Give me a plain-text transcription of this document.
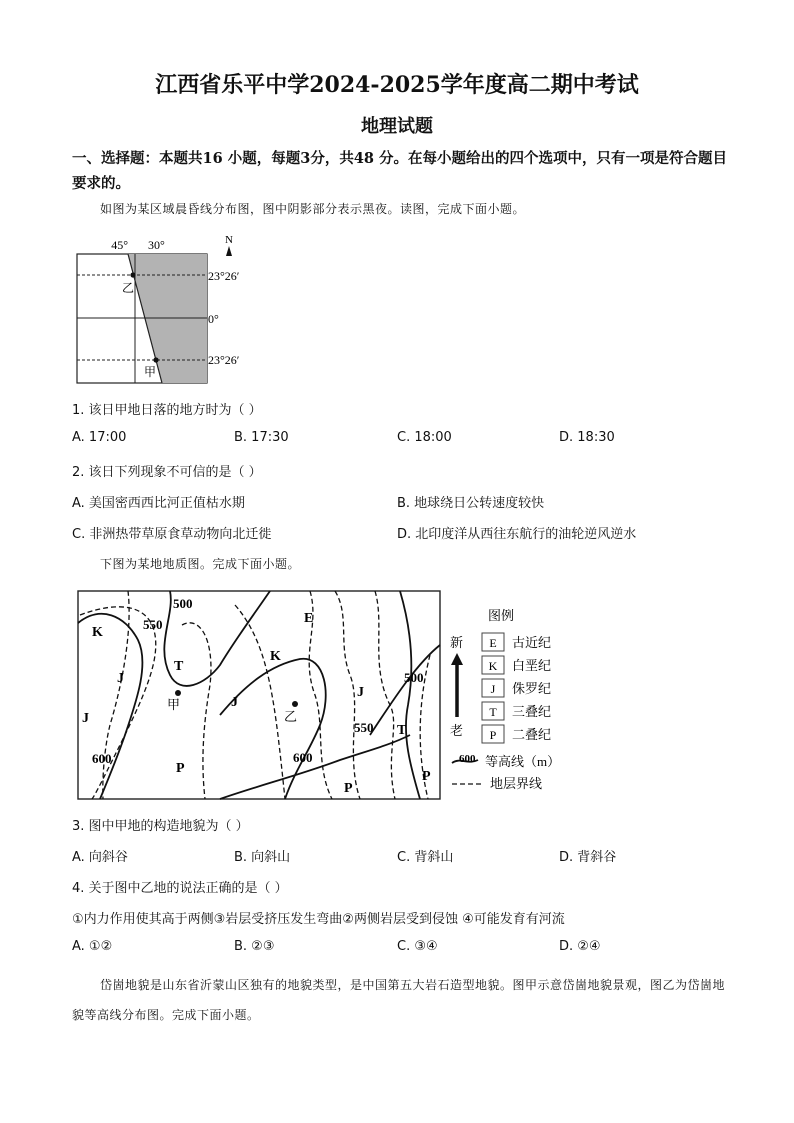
江西省乐平中学2024-2025学年度高二期中考试
地理试题
一、选择题：本题共16 小题，每题3分，共48 分。在每小题给出的四个选项中，只有一项是符合题目要求的。
如图为某区域晨昏线分布图，图中阴影部分表示黑夜。读图，完成下面小题。
45° 30°	N
23°26′
0°
23°26′
乙
甲
1. 该日甲地日落的地方时为（ ）
A. 17:00	B. 17:30	C. 18:00	D. 18:30
2. 该日下列现象不可信的是（ ）
A. 美国密西西比河正值枯水期	B. 地球绕日公转速度较快
C. 非洲热带草原食草动物向北迁徙	D. 北印度洋从西往东航行的油轮逆风逆水
下图为某地地质图。完成下面小题。
500
550
600	600
550
500
K
T
J
J
K
E
J
T
J
P
P
P
甲
乙
图例
新
老
E
K
J
T
P
古近纪
白垩纪
侏罗纪
三叠纪
二叠纪
600 等高线（m）
地层界线
3. 图中甲地的构造地貌为（ ）
A. 向斜谷	B. 向斜山	C. 背斜山	D. 背斜谷
4. 关于图中乙地的说法正确的是（ ）
①内力作用使其高于两侧③岩层受挤压发生弯曲②两侧岩层受到侵蚀 ④可能发育有河流
A. ①②	B. ②③	C. ③④	D. ②④
岱崮地貌是山东省沂蒙山区独有的地貌类型，是中国第五大岩石造型地貌。图甲示意岱崮地貌景观，图乙为岱崮地貌等高线分布图。完成下面小题。
